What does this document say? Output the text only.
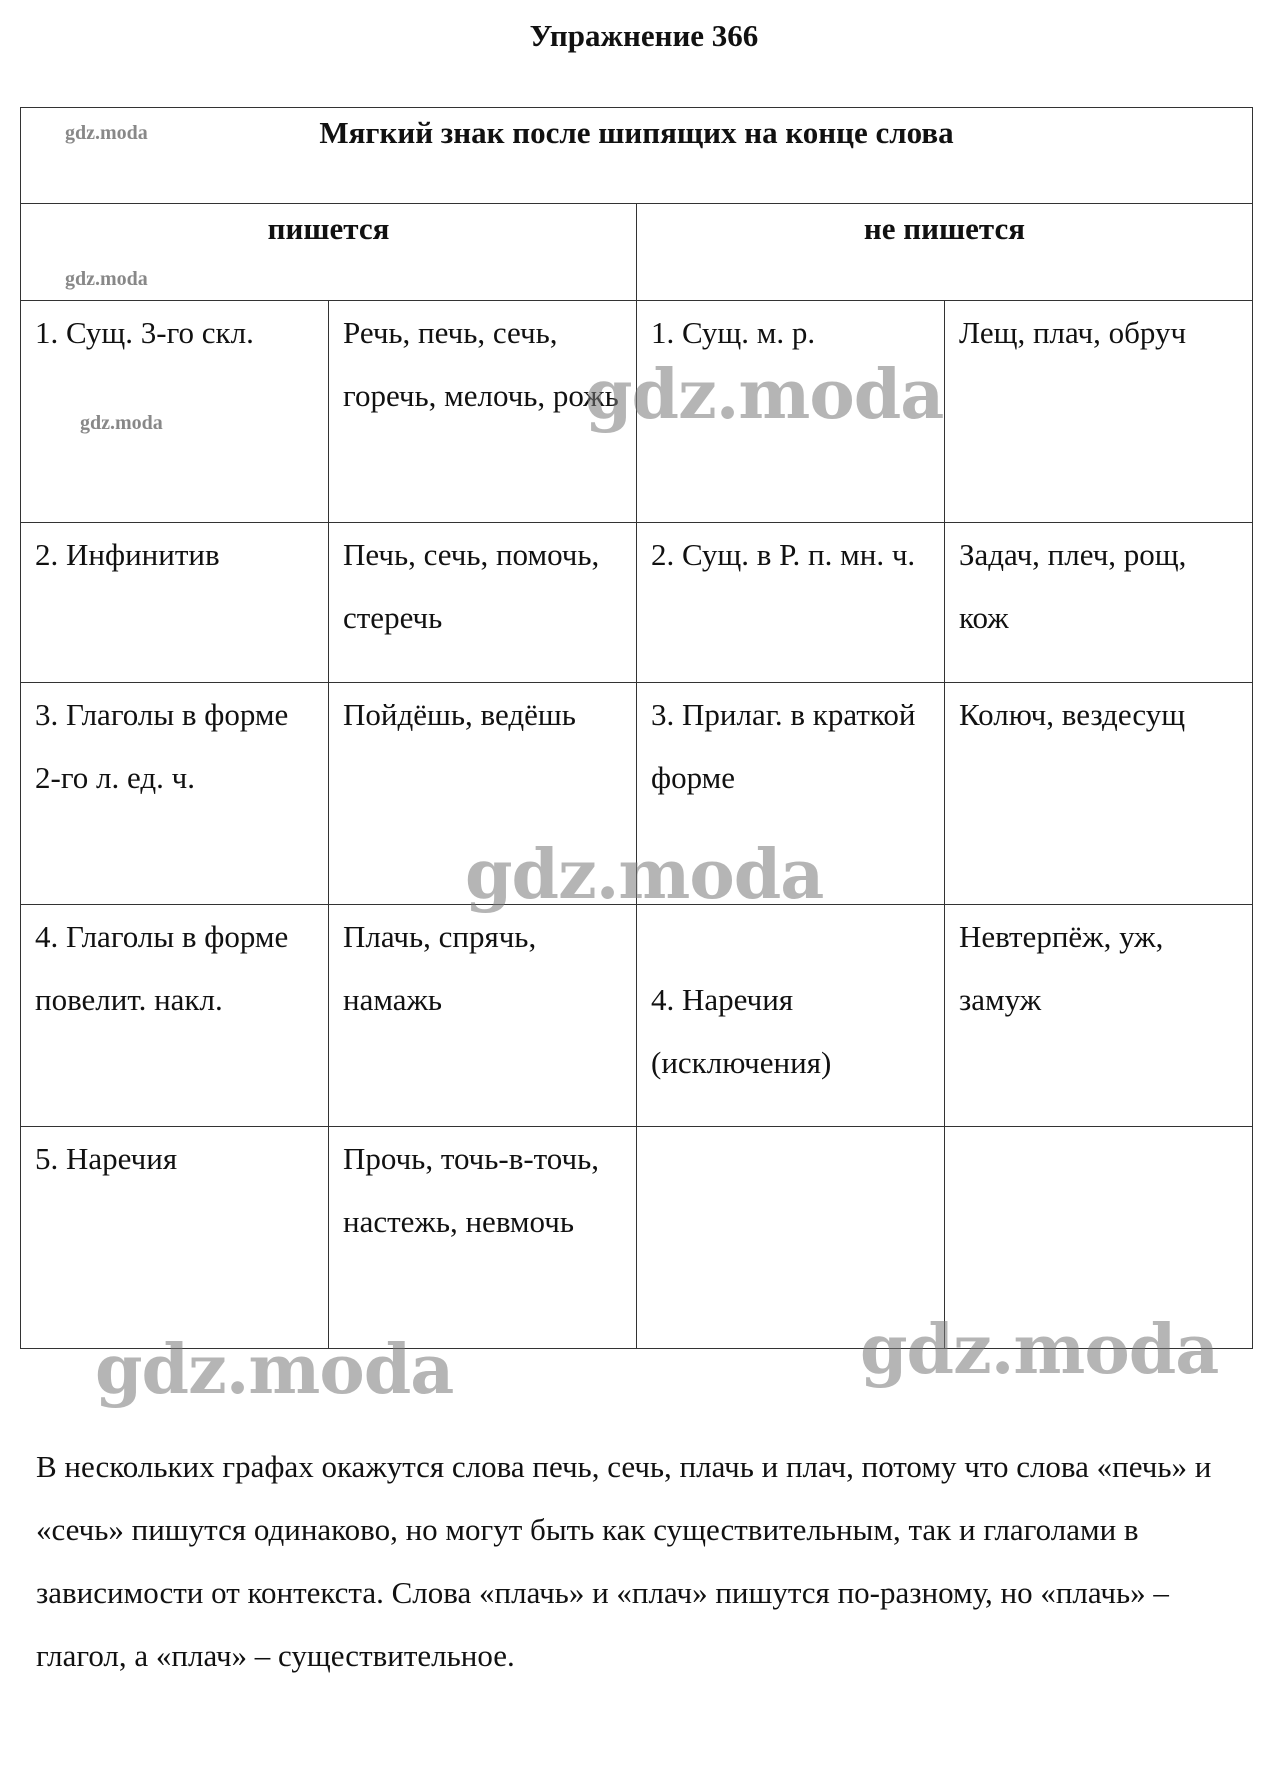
Упражнение 366
Мягкий знак после шипящих на конце слова			
пишется		не пишется	
1. Сущ. 3-го скл.	Речь, печь, сечь, горечь, мелочь, рожь	1. Сущ. м. р.	Лещ, плач, обруч
2. Инфинитив	Печь, сечь, помочь, стеречь	2. Сущ. в Р. п. мн. ч.	Задач, плеч, рощ, кож
3. Глаголы в форме 2-го л. ед. ч.	Пойдёшь, ведёшь	3. Прилаг. в краткой форме	Колюч, вездесущ
4. Глаголы в форме повелит. накл.	Плачь, спрячь, намажь	4. Наречия (исключения)	Невтерпёж, уж, замуж
5. Наречия	Прочь, точь-в-точь, настежь, невмочь		

В нескольких графах окажутся слова печь, сечь, плачь и плач, потому что слова «печь» и «сечь» пишутся одинаково, но могут быть как существительным, так и глаголами в зависимости от контекста. Слова «плачь» и «плач» пишутся по-разному, но «плачь» – глагол, а «плач» – существительное.

gdz.moda
gdz.moda
gdz.moda	gdz.moda
gdz.moda
gdz.moda	gdz.moda
